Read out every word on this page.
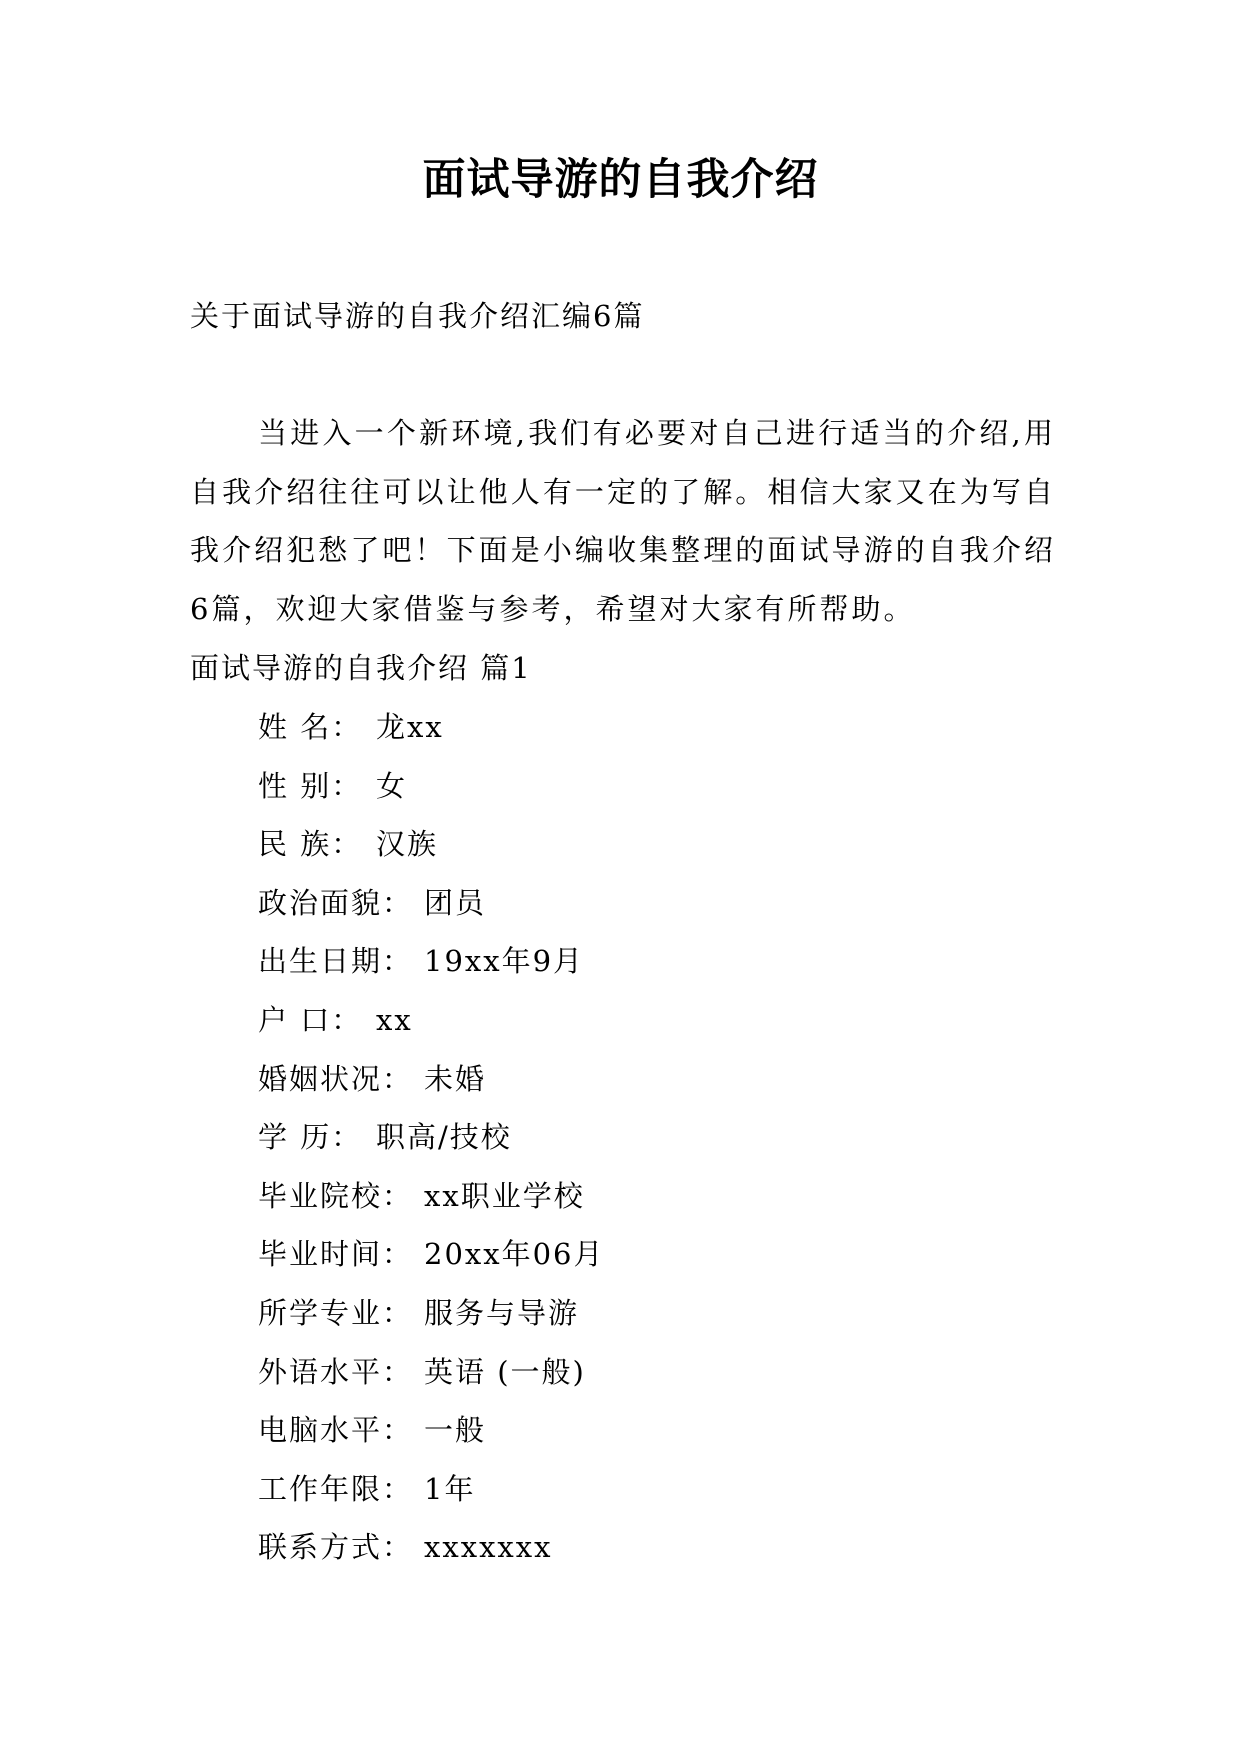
面试导游的自我介绍
关于面试导游的自我介绍汇编6篇

当进入一个新环境,我们有必要对自己进行适当的介绍,用自我介绍往往可以让他人有一定的了解。相信大家又在为写自我介绍犯愁了吧！下面是小编收集整理的面试导游的自我介绍6篇，欢迎大家借鉴与参考，希望对大家有所帮助。

面试导游的自我介绍 篇1
姓 名： 龙xx
性 别： 女
民 族： 汉族
政治面貌： 团员
出生日期： 19xx年9月
户 口： xx
婚姻状况： 未婚
学 历： 职高/技校
毕业院校： xx职业学校
毕业时间： 20xx年06月
所学专业： 服务与导游
外语水平： 英语 (一般)
电脑水平： 一般
工作年限： 1年
联系方式： xxxxxxx
